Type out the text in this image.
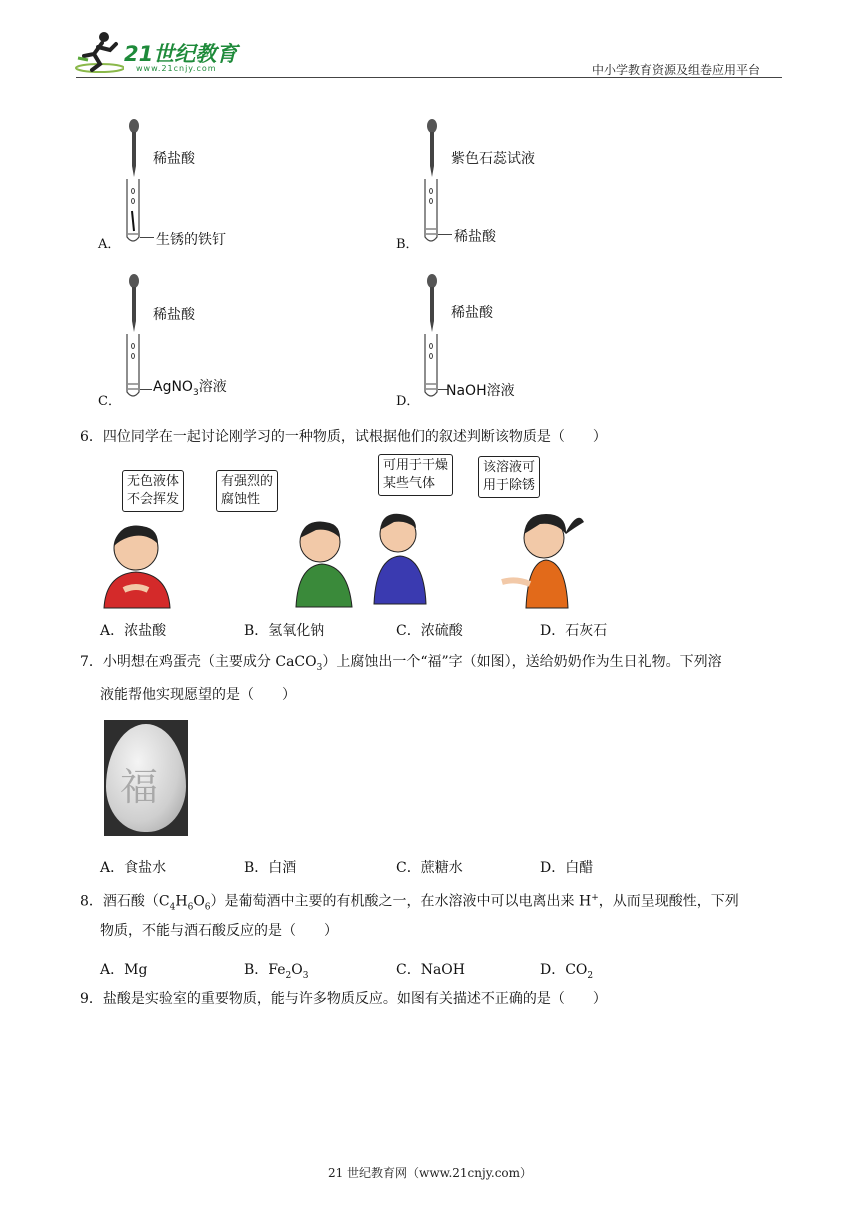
21世纪教育
www.21cnjy.com	中小学教育资源及组卷应用平台
A．
稀盐酸
生锈的铁钉	B．
紫色石蕊试液
稀盐酸
C．
稀盐酸
AgNO$_3$溶液
D．
稀盐酸
NaOH溶液
6．四位同学在一起讨论刚学习的一种物质，试根据他们的叙述判断该物质是（　　）
无色液体
不会挥发
有强烈的
腐蚀性
可用于干燥
某些气体
该溶液可
用于除锈
A．浓盐酸	B．氢氧化钠	C．浓硫酸	D．石灰石
7．小明想在鸡蛋壳（主要成分 CaCO$_3$）上腐蚀出一个“福”字（如图），送给奶奶作为生日礼物。下列溶
液能帮他实现愿望的是（　　）
福
A．食盐水	B．白酒	C．蔗糖水	D．白醋
8．酒石酸$(C_4H_6O_6)$是葡萄酒中主要的有机酸之一，在水溶液中可以电离出来 H+，从而呈现酸性，下列
物质，不能与酒石酸反应的是（　　）
A．Mg	B．$Fe_2O_3$	C．NaOH	D．$CO_2$
9．盐酸是实验室的重要物质，能与许多物质反应。如图有关描述不正确的是（　　）
21 世纪教育网（www.21cnjy.com）
